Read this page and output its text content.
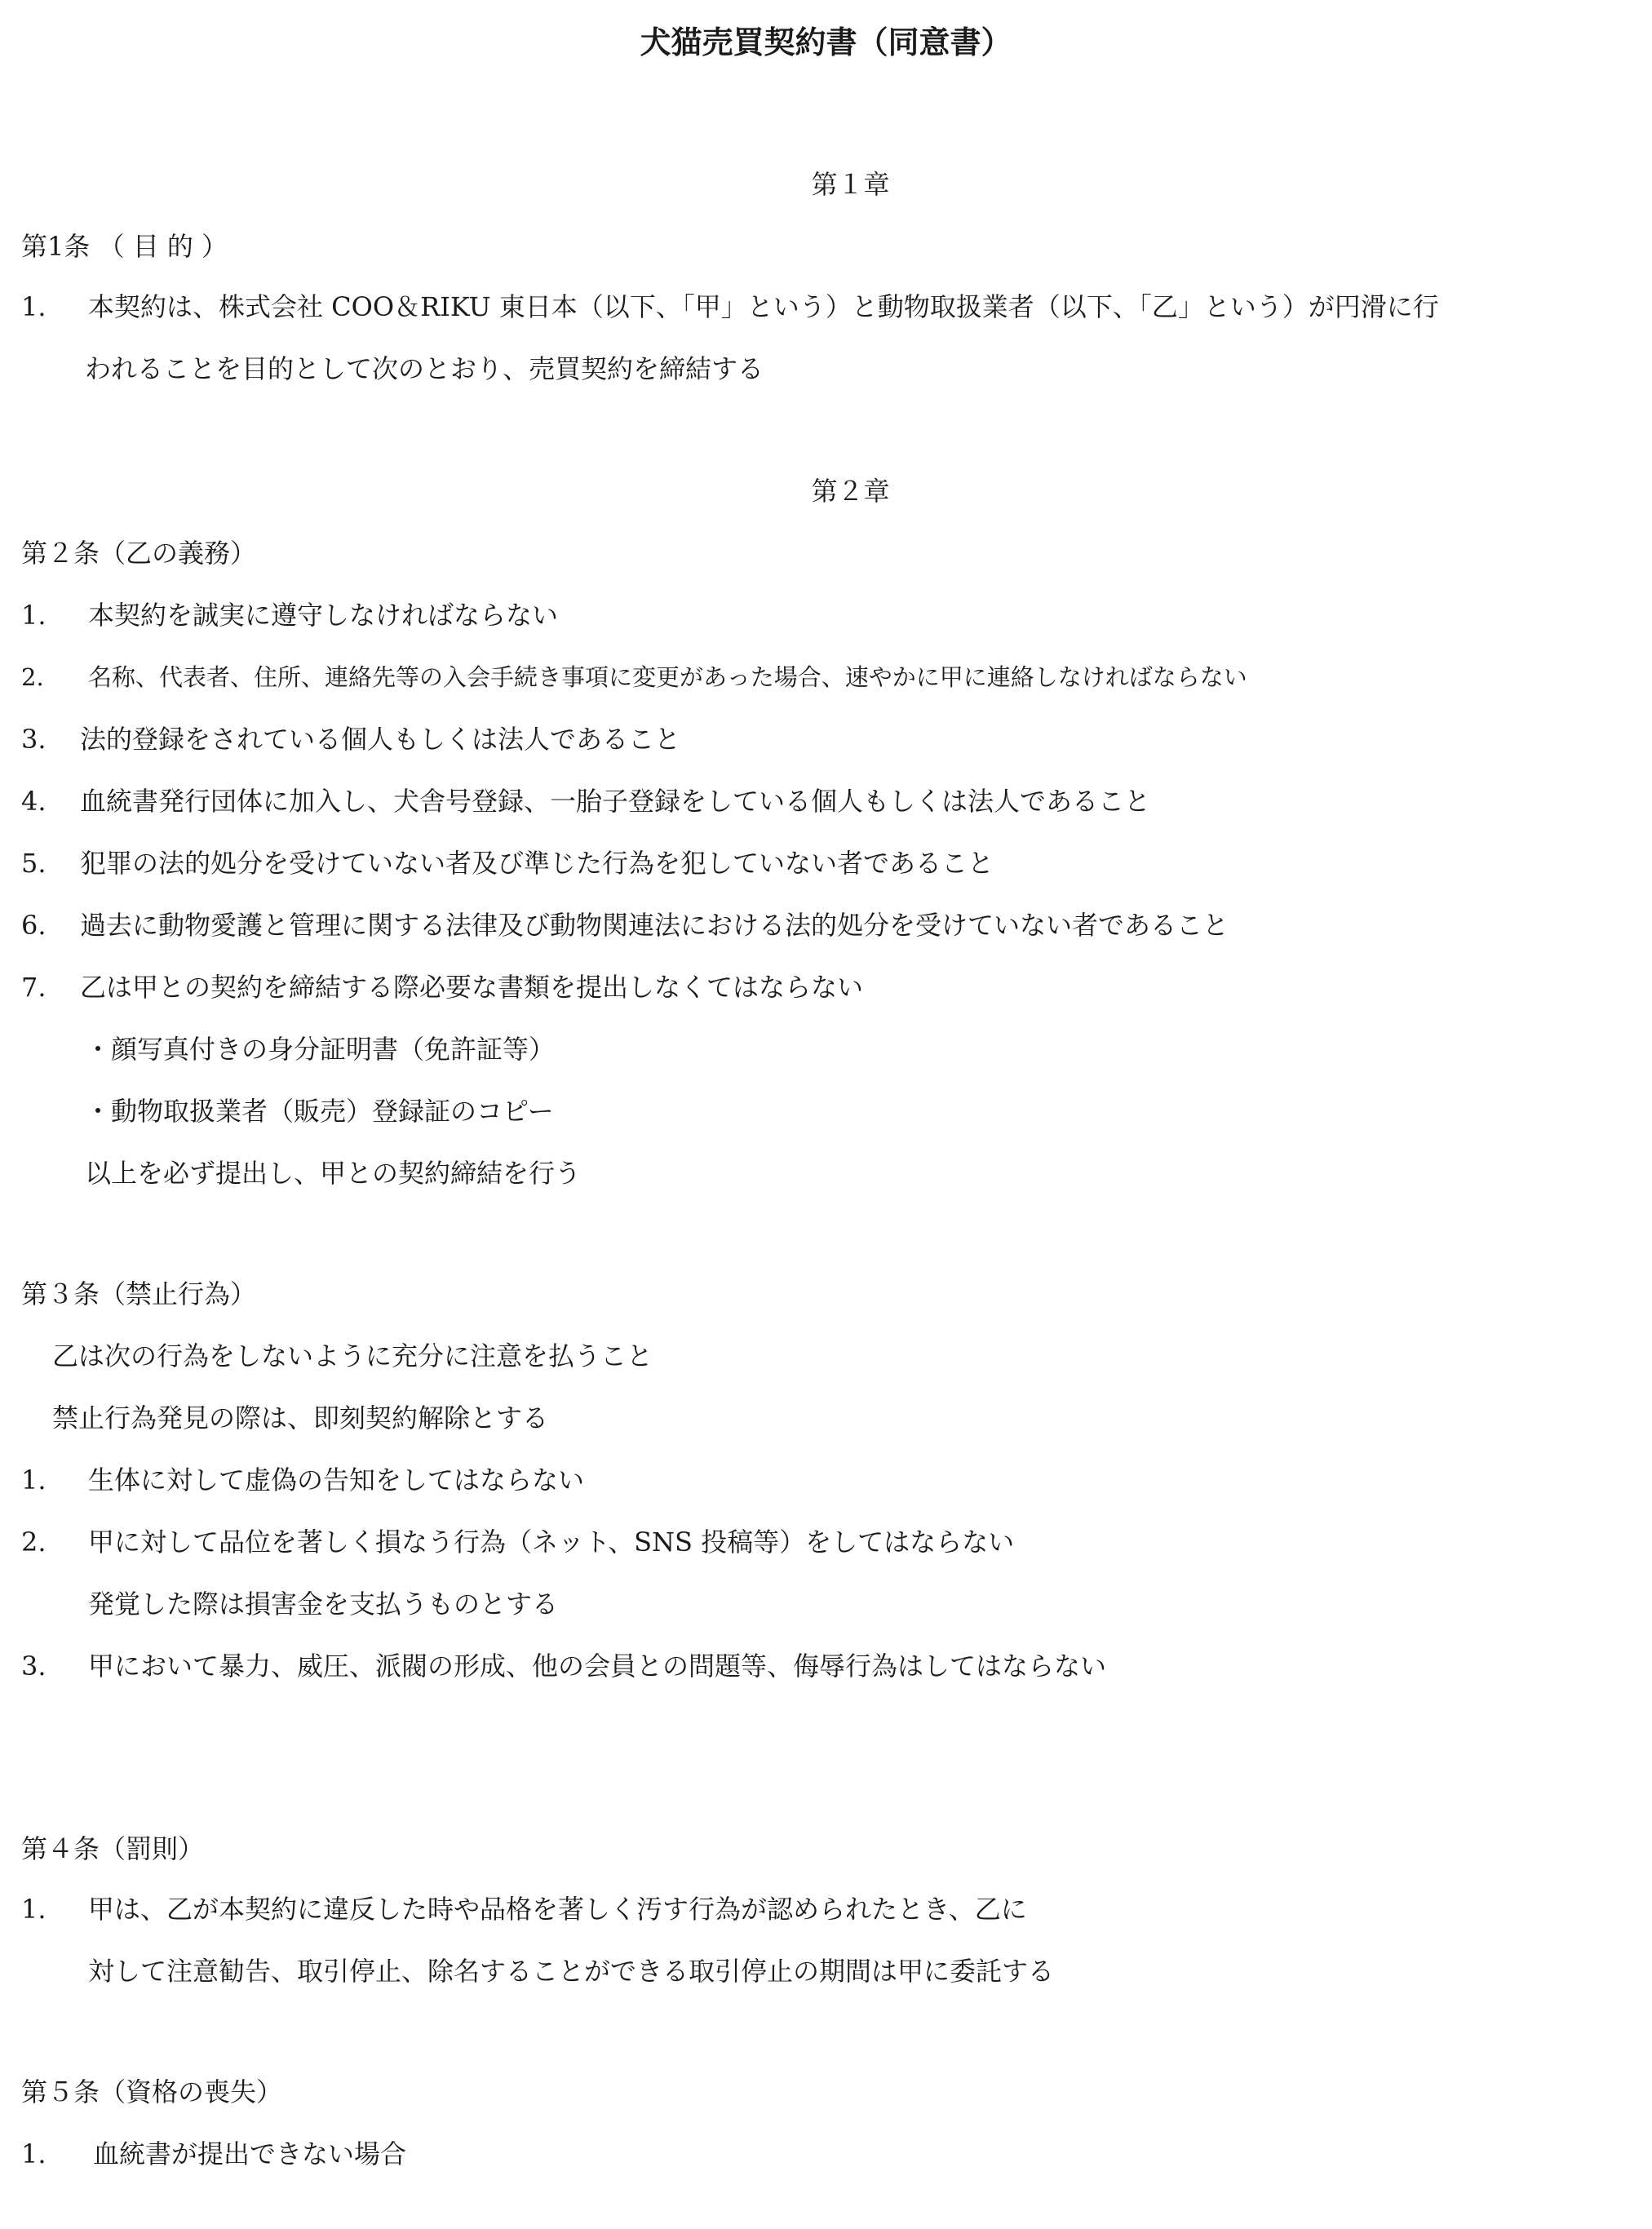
犬猫売買契約書（同意書）
第１章
第1条 （ 目 的 ）
1. 本契約は、株式会社 COO＆RIKU 東日本（以下、「甲」という）と動物取扱業者（以下、「乙」という）が円滑に行
われることを目的として次のとおり、売買契約を締結する
第２章
第２条（乙の義務）
1. 本契約を誠実に遵守しなければならない
2. 名称、代表者、住所、連絡先等の入会手続き事項に変更があった場合、速やかに甲に連絡しなければならない
3. 法的登録をされている個人もしくは法人であること
4. 血統書発行団体に加入し、犬舎号登録、一胎子登録をしている個人もしくは法人であること
5. 犯罪の法的処分を受けていない者及び準じた行為を犯していない者であること
6. 過去に動物愛護と管理に関する法律及び動物関連法における法的処分を受けていない者であること
7. 乙は甲との契約を締結する際必要な書類を提出しなくてはならない
・顔写真付きの身分証明書（免許証等）
・動物取扱業者（販売）登録証のコピー
以上を必ず提出し、甲との契約締結を行う
第３条（禁止行為）
乙は次の行為をしないように充分に注意を払うこと
禁止行為発見の際は、即刻契約解除とする
1. 生体に対して虚偽の告知をしてはならない
2. 甲に対して品位を著しく損なう行為（ネット、SNS 投稿等）をしてはならない
発覚した際は損害金を支払うものとする
3. 甲において暴力、威圧、派閥の形成、他の会員との問題等、侮辱行為はしてはならない
第４条（罰則）
1. 甲は、乙が本契約に違反した時や品格を著しく汚す行為が認められたとき、乙に
対して注意勧告、取引停止、除名することができる取引停止の期間は甲に委託する
第５条（資格の喪失）
1. 血統書が提出できない場合
